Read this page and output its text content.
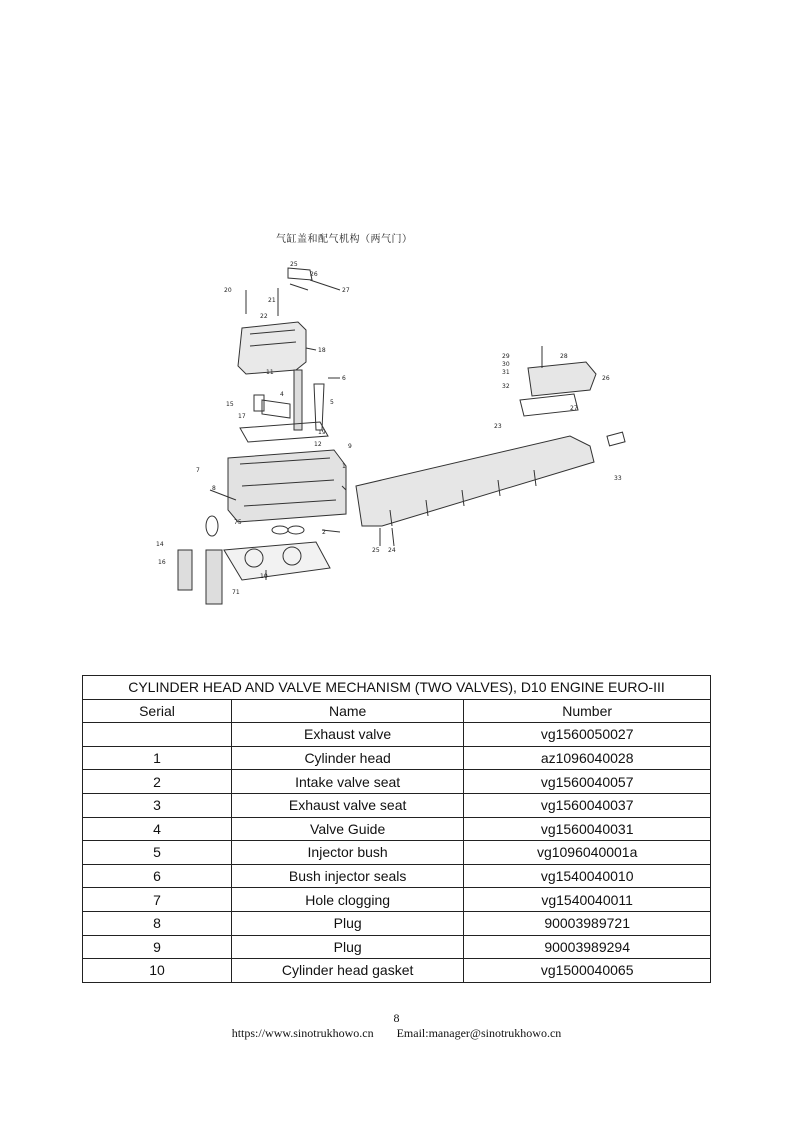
气缸盖和配气机构（两气门）
25
26
27
20
21
22
18
11
4
6
5
15
17
19
12	9
7
1
8
75
2
14
16
10
71
23
25 24
26
27
28
29
30
31
32
33
CYLINDER HEAD AND VALVE MECHANISM (TWO VALVES), D10 ENGINE EURO-III		
Serial	Name	Number
	Exhaust valve	vg1560050027
1	Cylinder head	az1096040028
2	Intake valve seat	vg1560040057
3	Exhaust valve seat	vg1560040037
4	Valve Guide	vg1560040031
5	Injector bush	vg1096040001a
6	Bush injector seals	vg1540040010
7	Hole clogging	vg1540040011
8	Plug	90003989721
9	Plug	90003989294
10	Cylinder head gasket	vg1500040065
8
https://www.sinotrukhowo.cn Email:manager@sinotrukhowo.cn
